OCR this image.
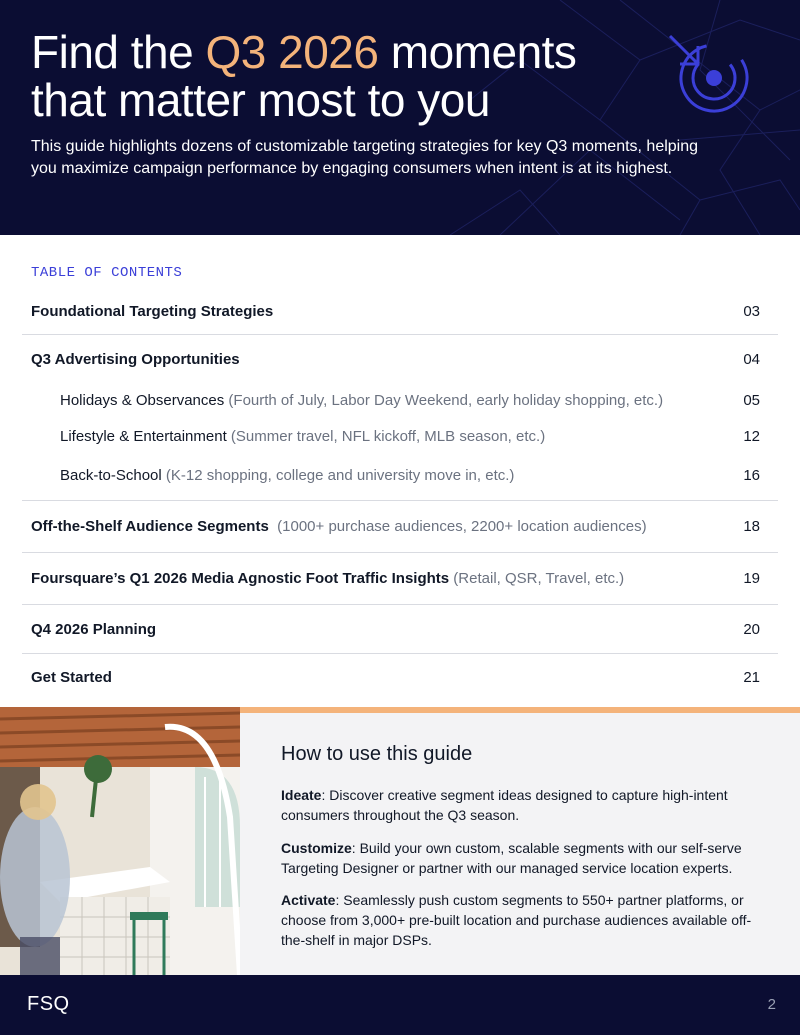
Find the Q3 2026 moments
that matter most to you

This guide highlights dozens of customizable targeting strategies for key Q3 moments, helping
you maximize campaign performance by engaging consumers when intent is at its highest.

TABLE OF CONTENTS
Foundational Targeting Strategies	03
Q3 Advertising Opportunities	04
Holidays & Observances (Fourth of July, Labor Day Weekend, early holiday shopping, etc.)	05
Lifestyle & Entertainment (Summer travel, NFL kickoff, MLB season, etc.)	12
Back-to-School (K-12 shopping, college and university move in, etc.)	16
Off-the-Shelf Audience Segments  (1000+ purchase audiences, 2200+ location audiences)	18
Foursquare’s Q1 2026 Media Agnostic Foot Traffic Insights (Retail, QSR, Travel, etc.)	19
Q4 2026 Planning	20
Get Started	21
How to use this guide

Ideate: Discover creative segment ideas designed to capture high-intent consumers throughout the Q3 season.

Customize: Build your own custom, scalable segments with our self-serve Targeting Designer or partner with our managed service location experts.

Activate: Seamlessly push custom segments to 550+ partner platforms, or choose from 3,000+ pre-built location and purchase audiences available off-the-shelf in major DSPs.

FSQ	2
